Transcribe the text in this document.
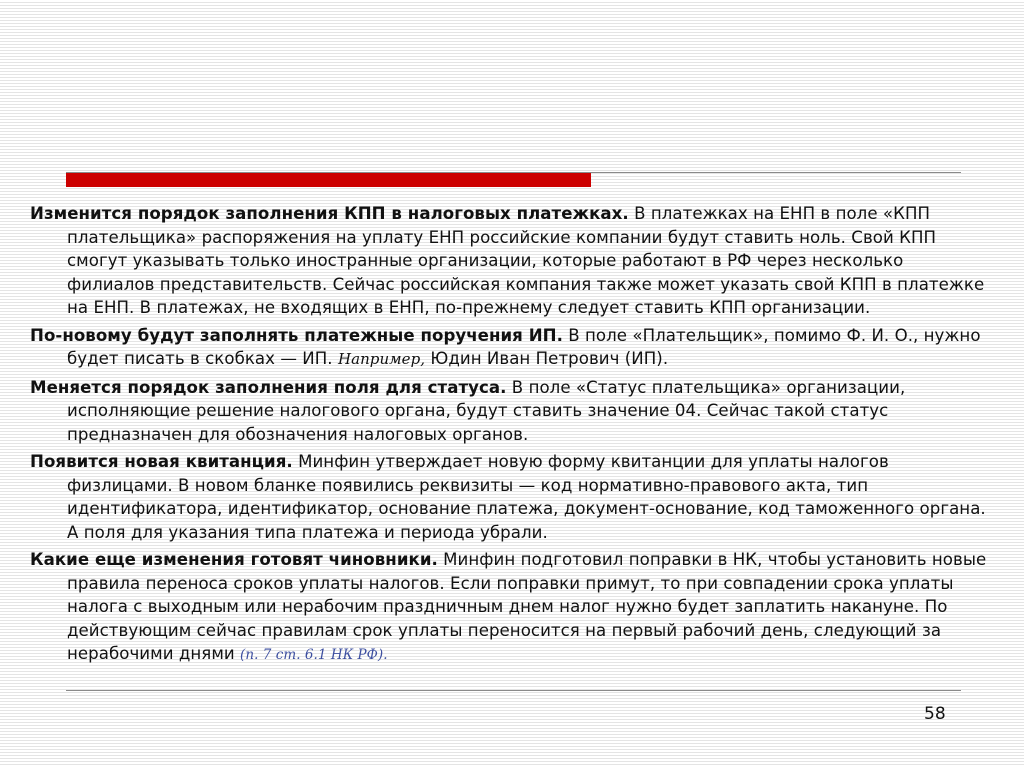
Изменится порядок заполнения КПП в налоговых платежках. В платежках на ЕНП в поле «КПП плательщика» распоряжения на уплату ЕНП российские компании будут ставить ноль. Свой КПП смогут указывать только иностранные организации, которые работают в РФ через несколько филиалов представительств. Сейчас российская компания также может указать свой КПП в платежке на ЕНП. В платежах, не входящих в ЕНП, по-прежнему следует ставить КПП организации.

По-новому будут заполнять платежные поручения ИП. В поле «Плательщик», помимо Ф. И. О., нужно будет писать в скобках — ИП. Например, Юдин Иван Петрович (ИП).

Меняется порядок заполнения поля для статуса. В поле «Статус плательщика» организации, исполняющие решение налогового органа, будут ставить значение 04. Сейчас такой статус предназначен для обозначения налоговых органов.

Появится новая квитанция. Минфин утверждает новую форму квитанции для уплаты налогов физлицами. В новом бланке появились реквизиты — код нормативно-правового акта, тип идентификатора, идентификатор, основание платежа, документ-основание, код таможенного органа. А поля для указания типа платежа и периода убрали.

Какие еще изменения готовят чиновники. Минфин подготовил поправки в НК, чтобы установить новые правила переноса сроков уплаты налогов. Если поправки примут, то при совпадении срока уплаты налога с выходным или нерабочим праздничным днем налог нужно будет заплатить накануне. По действующим сейчас правилам срок уплаты переносится на первый рабочий день, следующий за нерабочими днями (п. 7 ст. 6.1 НК РФ).

58
